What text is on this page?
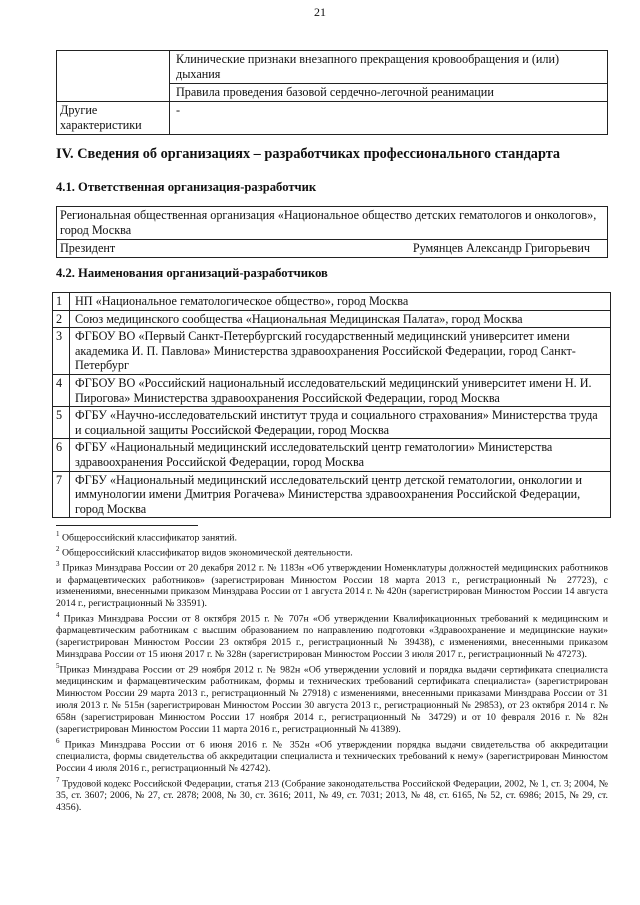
21
	Клинические признаки внезапного прекращения кровообращения и (или) дыхания
	Правила проведения базовой сердечно-легочной реанимации
Другие характеристики	-
IV. Сведения об организациях – разработчиках профессионального стандарта
4.1. Ответственная организация-разработчик
Региональная общественная организация «Национальное общество детских гематологов и онкологов», город Москва

Президент	Румянцев Александр Григорьевич
4.2. Наименования организаций-разработчиков
1	НП «Национальное гематологическое общество», город Москва
2	Союз медицинского сообщества «Национальная Медицинская Палата», город Москва
3	ФГБОУ ВО «Первый Санкт-Петербургский государственный медицинский университет имени академика И. П. Павлова» Министерства здравоохранения Российской Федерации, город Санкт-Петербург
4	ФГБОУ ВО «Российский национальный исследовательский медицинский университет имени Н. И. Пирогова» Министерства здравоохранения Российской Федерации, город Москва
5	ФГБУ «Научно-исследовательский институт труда и социального страхования» Министерства труда и социальной защиты Российской Федерации, город Москва
6	ФГБУ «Национальный медицинский исследовательский центр гематологии» Министерства здравоохранения Российской Федерации, город Москва
7	ФГБУ «Национальный медицинский исследовательский центр детской гематологии, онкологии и иммунологии имени Дмитрия Рогачева» Министерства здравоохранения Российской Федерации, город Москва

$^1$ Общероссийский классификатор занятий.

$^2$ Общероссийский классификатор видов экономической деятельности.

$^3$ Приказ Минздрава России от 20 декабря 2012 г. № 1183н «Об утверждении Номенклатуры должностей медицинских работников и фармацевтических работников» (зарегистрирован Минюстом России 18 марта 2013 г., регистрационный № 27723), с изменениями, внесенными приказом Минздрава России от 1 августа 2014 г. № 420н (зарегистрирован Минюстом России 14 августа 2014 г., регистрационный № 33591).

$^4$ Приказ Минздрава России от 8 октября 2015 г. № 707н «Об утверждении Квалификационных требований к медицинским и фармацевтическим работникам с высшим образованием по направлению подготовки «Здравоохранение и медицинские науки» (зарегистрирован Минюстом России 23 октября 2015 г., регистрационный № 39438), с изменениями, внесенными приказом Минздрава России от 15 июня 2017 г. № 328н (зарегистрирован Минюстом России 3 июля 2017 г., регистрационный № 47273).

$^5$Приказ Минздрава России от 29 ноября 2012 г. № 982н «Об утверждении условий и порядка выдачи сертификата специалиста медицинским и фармацевтическим работникам, формы и технических требований сертификата специалиста» (зарегистрирован Минюстом России 29 марта 2013 г., регистрационный № 27918) с изменениями, внесенными приказами Минздрава России от 31 июля 2013 г. № 515н (зарегистрирован Минюстом России 30 августа 2013 г., регистрационный № 29853), от 23 октября 2014 г. № 658н (зарегистрирован Минюстом России 17 ноября 2014 г., регистрационный № 34729) и от 10 февраля 2016 г. № 82н (зарегистрирован Минюстом России 11 марта 2016 г., регистрационный № 41389).

$^6$ Приказ Минздрава России от 6 июня 2016 г. № 352н «Об утверждении порядка выдачи свидетельства об аккредитации специалиста, формы свидетельства об аккредитации специалиста и технических требований к нему» (зарегистрирован Минюстом России 4 июля 2016 г., регистрационный № 42742).

$^7$ Трудовой кодекс Российской Федерации, статья 213 (Собрание законодательства Российской Федерации, 2002, № 1, ст. 3; 2004, № 35, ст. 3607; 2006, № 27, ст. 2878; 2008, № 30, ст. 3616; 2011, № 49, ст. 7031; 2013, № 48, ст. 6165, № 52, ст. 6986; 2015, № 29, ст. 4356).
